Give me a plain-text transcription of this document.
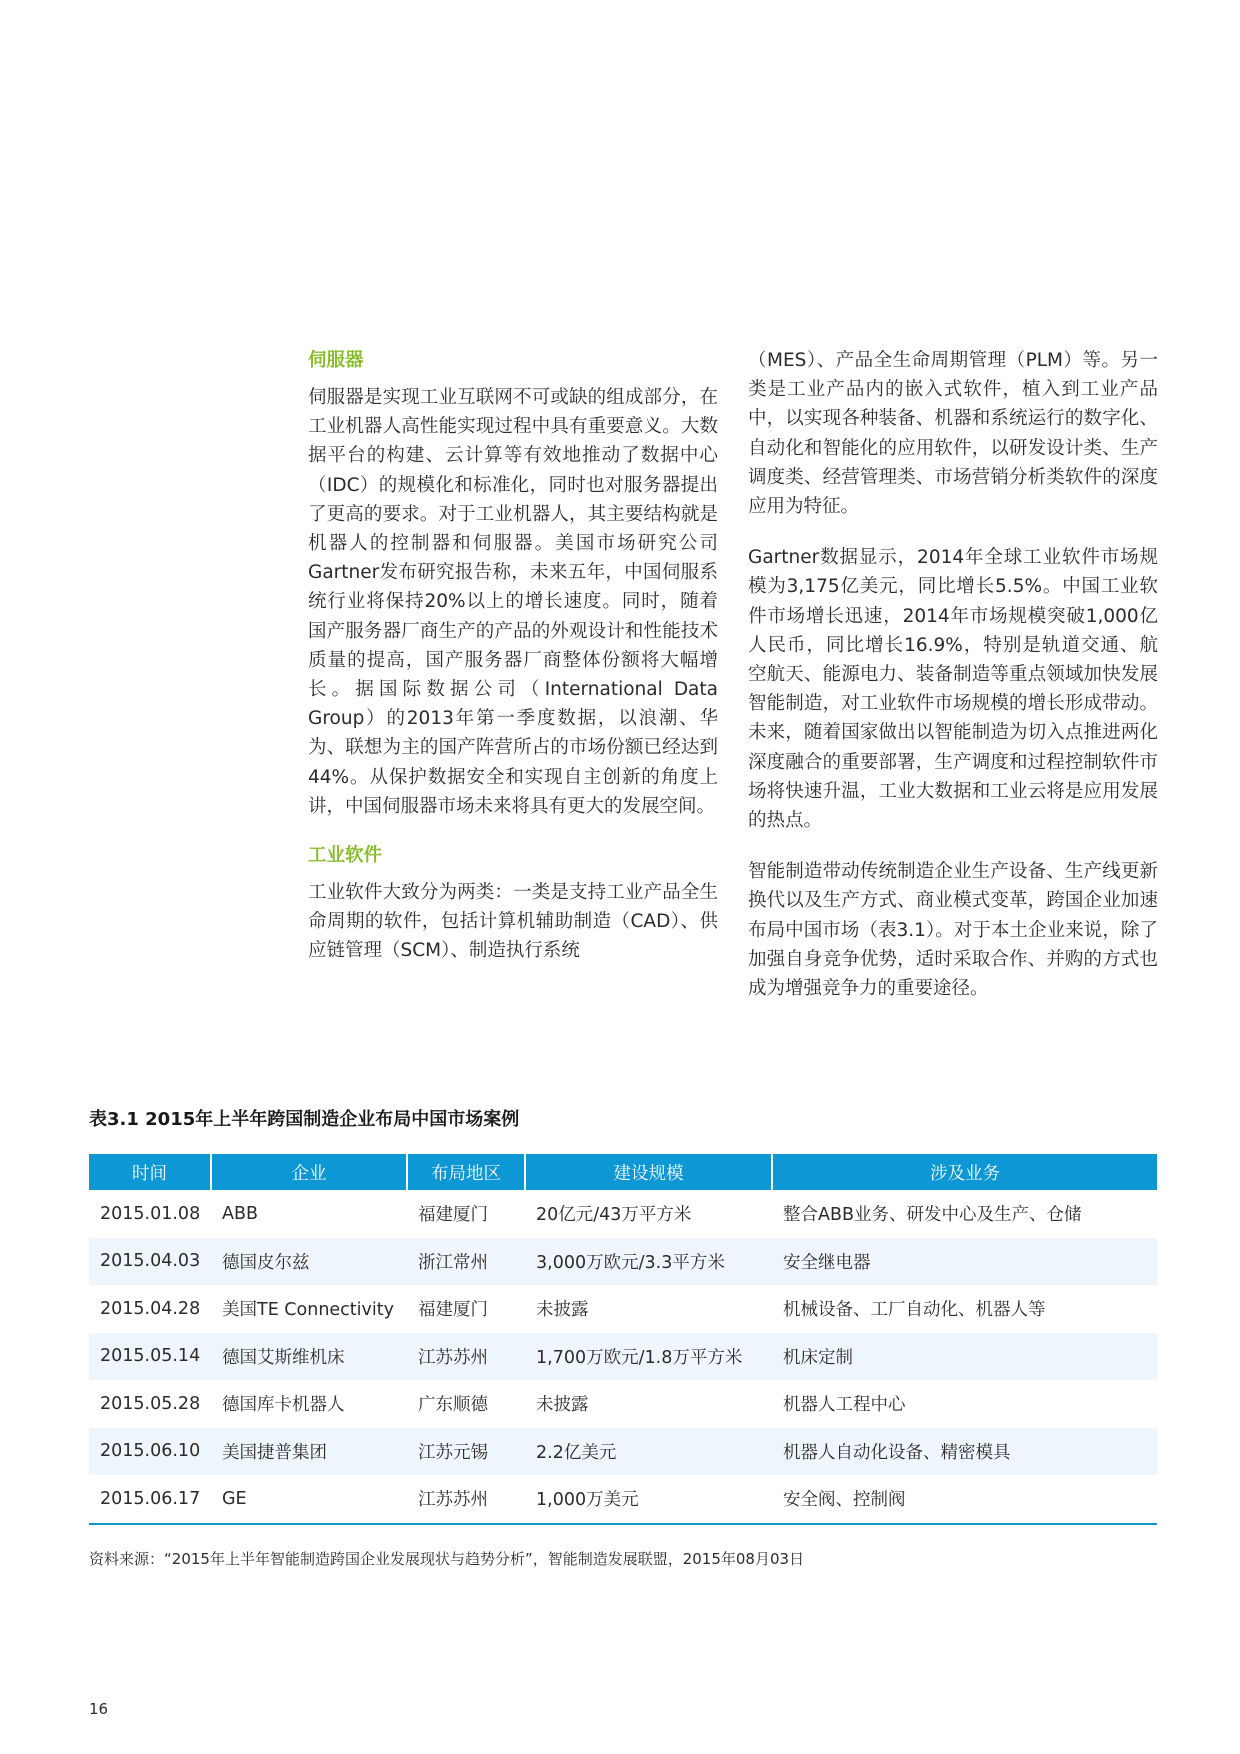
伺服器

伺服器是实现工业互联网不可或缺的组成部分，在工业机器人高性能实现过程中具有重要意义。大数据平台的构建、云计算等有效地推动了数据中心（IDC）的规模化和标准化，同时也对服务器提出了更高的要求。对于工业机器人，其主要结构就是机器人的控制器和伺服器。美国市场研究公司Gartner发布研究报告称，未来五年，中国伺服系统行业将保持20%以上的增长速度。同时，随着国产服务器厂商生产的产品的外观设计和性能技术质量的提高，国产服务器厂商整体份额将大幅增长。据国际数据公司（International Data Group）的2013年第一季度数据，以浪潮、华为、联想为主的国产阵营所占的市场份额已经达到44%。从保护数据安全和实现自主创新的角度上讲，中国伺服器市场未来将具有更大的发展空间。

工业软件

工业软件大致分为两类：一类是支持工业产品全生命周期的软件，包括计算机辅助制造（CAD）、供应链管理（SCM）、制造执行系统

（MES）、产品全生命周期管理（PLM）等。另一类是工业产品内的嵌入式软件，植入到工业产品中，以实现各种装备、机器和系统运行的数字化、自动化和智能化的应用软件，以研发设计类、生产调度类、经营管理类、市场营销分析类软件的深度应用为特征。

Gartner数据显示，2014年全球工业软件市场规模为3,175亿美元，同比增长5.5%。中国工业软件市场增长迅速，2014年市场规模突破1,000亿人民币，同比增长16.9%，特别是轨道交通、航空航天、能源电力、装备制造等重点领域加快发展智能制造，对工业软件市场规模的增长形成带动。未来，随着国家做出以智能制造为切入点推进两化深度融合的重要部署，生产调度和过程控制软件市场将快速升温，工业大数据和工业云将是应用发展的热点。

智能制造带动传统制造企业生产设备、生产线更新换代以及生产方式、商业模式变革，跨国企业加速布局中国市场（表3.1）。对于本土企业来说，除了加强自身竞争优势，适时采取合作、并购的方式也成为增强竞争力的重要途径。

表3.1 2015年上半年跨国制造企业布局中国市场案例
时间	企业	布局地区	建设规模	涉及业务
2015.01.08	ABB	福建厦门	20亿元/43万平方米	整合ABB业务、研发中心及生产、仓储
2015.04.03	德国皮尔兹	浙江常州	3,000万欧元/3.3平方米	安全继电器
2015.04.28	美国TE Connectivity	福建厦门	未披露	机械设备、工厂自动化、机器人等
2015.05.14	德国艾斯维机床	江苏苏州	1,700万欧元/1.8万平方米	机床定制
2015.05.28	德国库卡机器人	广东顺德	未披露	机器人工程中心
2015.06.10	美国捷普集团	江苏元锡	2.2亿美元	机器人自动化设备、精密模具
2015.06.17	GE	江苏苏州	1,000万美元	安全阀、控制阀

资料来源：“2015年上半年智能制造跨国企业发展现状与趋势分析”，智能制造发展联盟，2015年08月03日

16
